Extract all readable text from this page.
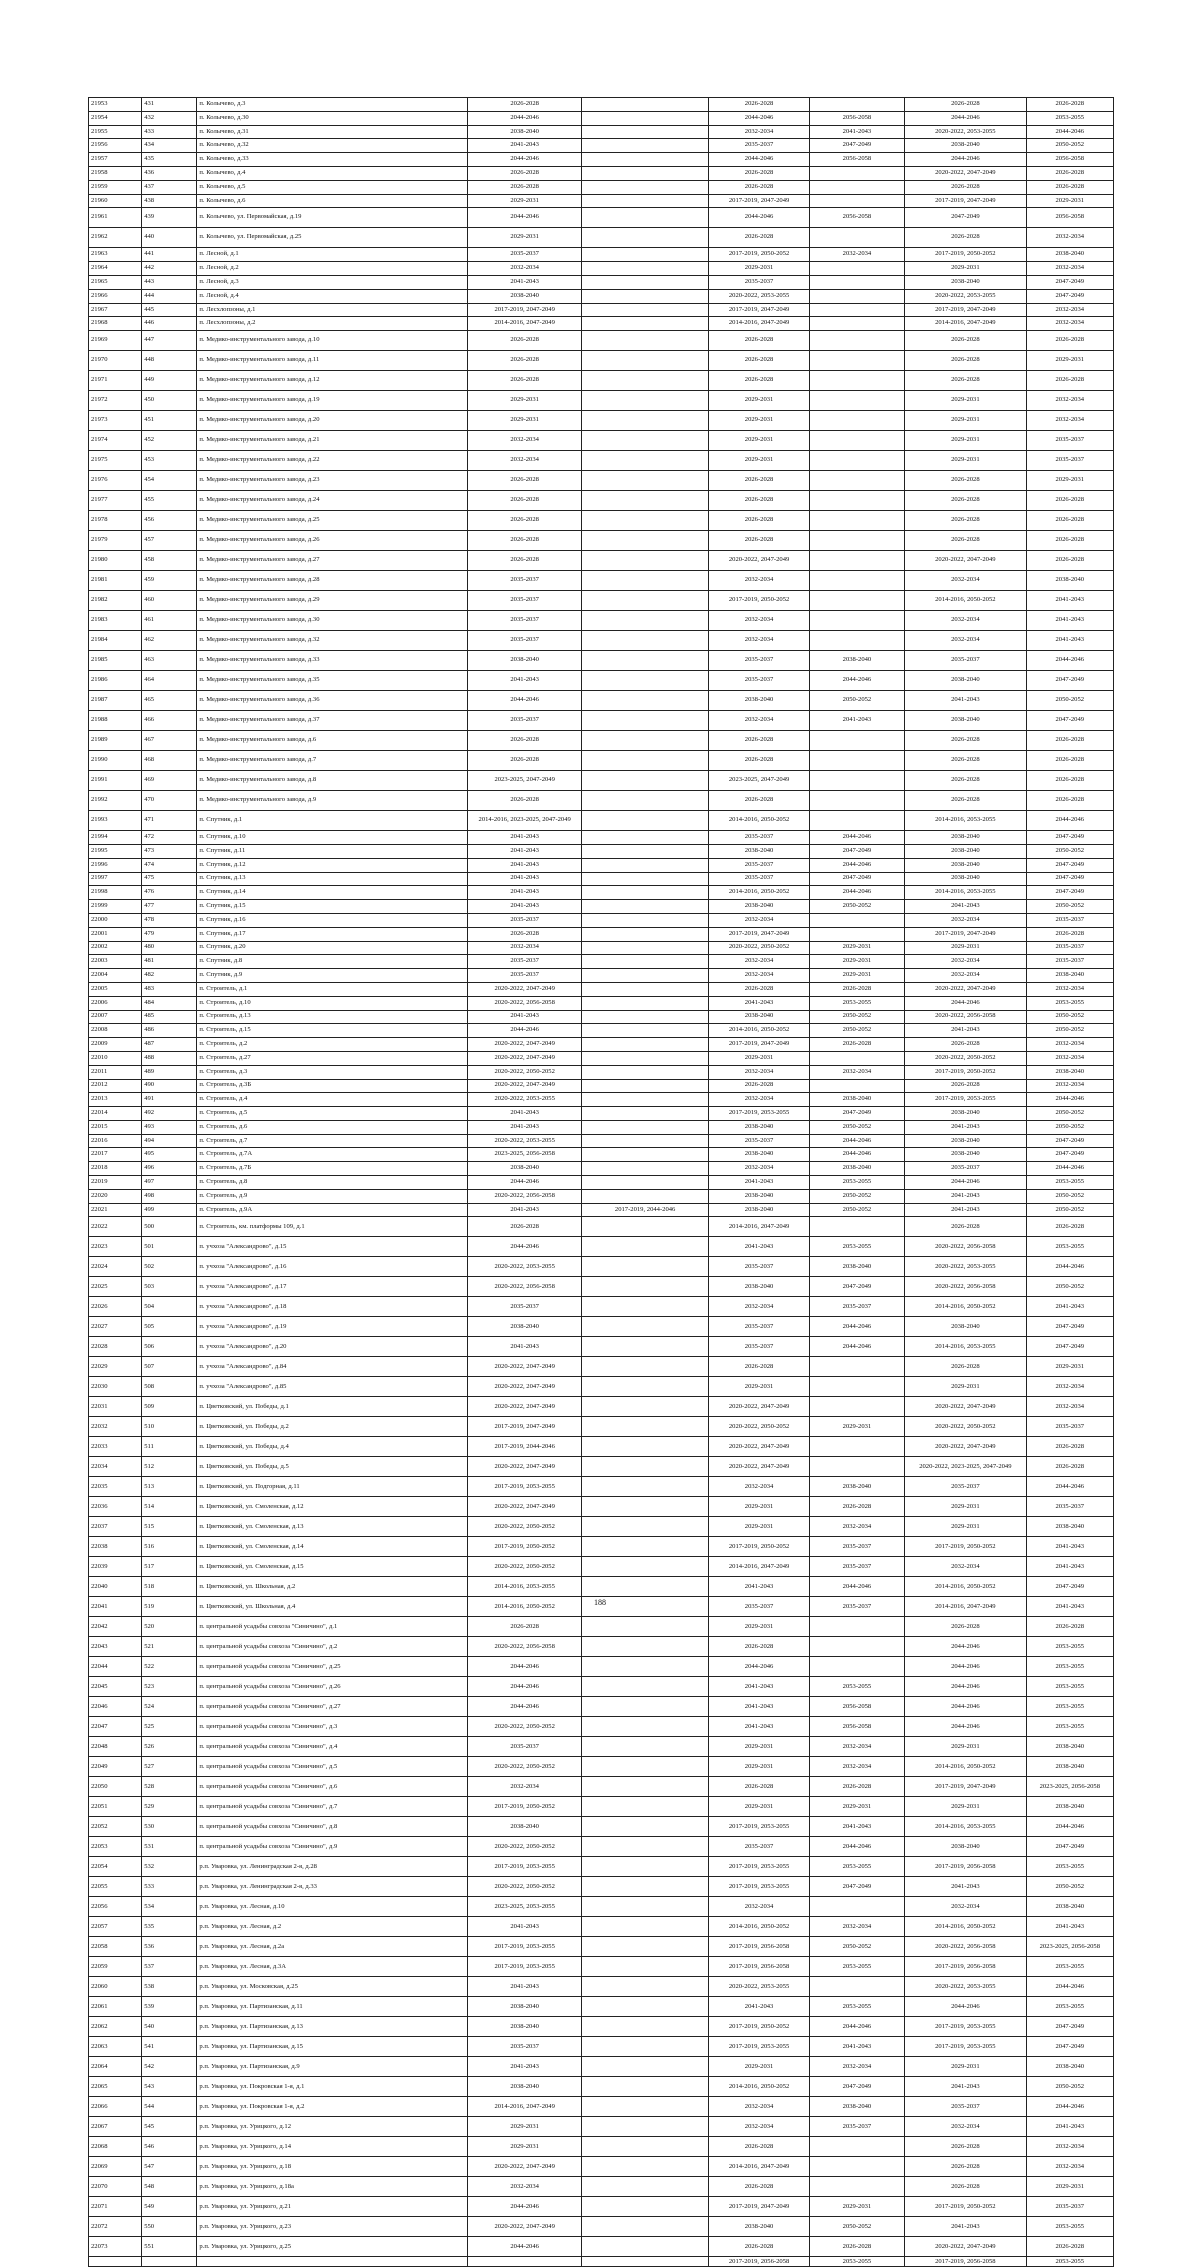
21953	431	п. Колычево, д.3	2026-2028		2026-2028		2026-2028	2026-2028
21954	432	п. Колычево, д.30	2044-2046		2044-2046	2056-2058	2044-2046	2053-2055
21955	433	п. Колычево, д.31	2038-2040		2032-2034	2041-2043	2020-2022, 2053-2055	2044-2046
21956	434	п. Колычево, д.32	2041-2043		2035-2037	2047-2049	2038-2040	2050-2052
21957	435	п. Колычево, д.33	2044-2046		2044-2046	2056-2058	2044-2046	2056-2058
21958	436	п. Колычево, д.4	2026-2028		2026-2028		2020-2022, 2047-2049	2026-2028
21959	437	п. Колычево, д.5	2026-2028		2026-2028		2026-2028	2026-2028
21960	438	п. Колычево, д.6	2029-2031		2017-2019, 2047-2049		2017-2019, 2047-2049	2029-2031
21961	439	п. Колычево, ул. Первомайская, д.19	2044-2046		2044-2046	2056-2058	2047-2049	2056-2058
21962	440	п. Колычево, ул. Первомайская, д.25	2029-2031		2026-2028		2026-2028	2032-2034
21963	441	п. Лесной, д.1	2035-2037		2017-2019, 2050-2052	2032-2034	2017-2019, 2050-2052	2038-2040
21964	442	п. Лесной, д.2	2032-2034		2029-2031		2029-2031	2032-2034
21965	443	п. Лесной, д.3	2041-2043		2035-2037		2038-2040	2047-2049
21966	444	п. Лесной, д.4	2038-2040		2020-2022, 2053-2055		2020-2022, 2053-2055	2047-2049
21967	445	п. Лесхлопзоны, д.1	2017-2019, 2047-2049		2017-2019, 2047-2049		2017-2019, 2047-2049	2032-2034
21968	446	п. Лесхлопзоны, д.2	2014-2016, 2047-2049		2014-2016, 2047-2049		2014-2016, 2047-2049	2032-2034
21969	447	п. Медико-инструментального завода, д.10	2026-2028		2026-2028		2026-2028	2026-2028
21970	448	п. Медико-инструментального завода, д.11	2026-2028		2026-2028		2026-2028	2029-2031
21971	449	п. Медико-инструментального завода, д.12	2026-2028		2026-2028		2026-2028	2026-2028
21972	450	п. Медико-инструментального завода, д.19	2029-2031		2029-2031		2029-2031	2032-2034
21973	451	п. Медико-инструментального завода, д.20	2029-2031		2029-2031		2029-2031	2032-2034
21974	452	п. Медико-инструментального завода, д.21	2032-2034		2029-2031		2029-2031	2035-2037
21975	453	п. Медико-инструментального завода, д.22	2032-2034		2029-2031		2029-2031	2035-2037
21976	454	п. Медико-инструментального завода, д.23	2026-2028		2026-2028		2026-2028	2029-2031
21977	455	п. Медико-инструментального завода, д.24	2026-2028		2026-2028		2026-2028	2026-2028
21978	456	п. Медико-инструментального завода, д.25	2026-2028		2026-2028		2026-2028	2026-2028
21979	457	п. Медико-инструментального завода, д.26	2026-2028		2026-2028		2026-2028	2026-2028
21980	458	п. Медико-инструментального завода, д.27	2026-2028		2020-2022, 2047-2049		2020-2022, 2047-2049	2026-2028
21981	459	п. Медико-инструментального завода, д.28	2035-2037		2032-2034		2032-2034	2038-2040
21982	460	п. Медико-инструментального завода, д.29	2035-2037		2017-2019, 2050-2052		2014-2016, 2050-2052	2041-2043
21983	461	п. Медико-инструментального завода, д.30	2035-2037		2032-2034		2032-2034	2041-2043
21984	462	п. Медико-инструментального завода, д.32	2035-2037		2032-2034		2032-2034	2041-2043
21985	463	п. Медико-инструментального завода, д.33	2038-2040		2035-2037	2038-2040	2035-2037	2044-2046
21986	464	п. Медико-инструментального завода, д.35	2041-2043		2035-2037	2044-2046	2038-2040	2047-2049
21987	465	п. Медико-инструментального завода, д.36	2044-2046		2038-2040	2050-2052	2041-2043	2050-2052
21988	466	п. Медико-инструментального завода, д.37	2035-2037		2032-2034	2041-2043	2038-2040	2047-2049
21989	467	п. Медико-инструментального завода, д.6	2026-2028		2026-2028		2026-2028	2026-2028
21990	468	п. Медико-инструментального завода, д.7	2026-2028		2026-2028		2026-2028	2026-2028
21991	469	п. Медико-инструментального завода, д.8	2023-2025, 2047-2049		2023-2025, 2047-2049		2026-2028	2026-2028
21992	470	п. Медико-инструментального завода, д.9	2026-2028		2026-2028		2026-2028	2026-2028
21993	471	п. Спутник, д.1	2014-2016, 2023-2025, 2047-2049		2014-2016, 2050-2052		2014-2016, 2053-2055	2044-2046
21994	472	п. Спутник, д.10	2041-2043		2035-2037	2044-2046	2038-2040	2047-2049
21995	473	п. Спутник, д.11	2041-2043		2038-2040	2047-2049	2038-2040	2050-2052
21996	474	п. Спутник, д.12	2041-2043		2035-2037	2044-2046	2038-2040	2047-2049
21997	475	п. Спутник, д.13	2041-2043		2035-2037	2047-2049	2038-2040	2047-2049
21998	476	п. Спутник, д.14	2041-2043		2014-2016, 2050-2052	2044-2046	2014-2016, 2053-2055	2047-2049
21999	477	п. Спутник, д.15	2041-2043		2038-2040	2050-2052	2041-2043	2050-2052
22000	478	п. Спутник, д.16	2035-2037		2032-2034		2032-2034	2035-2037
22001	479	п. Спутник, д.17	2026-2028		2017-2019, 2047-2049		2017-2019, 2047-2049	2026-2028
22002	480	п. Спутник, д.20	2032-2034		2020-2022, 2050-2052	2029-2031	2029-2031	2035-2037
22003	481	п. Спутник, д.8	2035-2037		2032-2034	2029-2031	2032-2034	2035-2037
22004	482	п. Спутник, д.9	2035-2037		2032-2034	2029-2031	2032-2034	2038-2040
22005	483	п. Строитель, д.1	2020-2022, 2047-2049		2026-2028	2026-2028	2020-2022, 2047-2049	2032-2034
22006	484	п. Строитель, д.10	2020-2022, 2056-2058		2041-2043	2053-2055	2044-2046	2053-2055
22007	485	п. Строитель, д.13	2041-2043		2038-2040	2050-2052	2020-2022, 2056-2058	2050-2052
22008	486	п. Строитель, д.15	2044-2046		2014-2016, 2050-2052	2050-2052	2041-2043	2050-2052
22009	487	п. Строитель, д.2	2020-2022, 2047-2049		2017-2019, 2047-2049	2026-2028	2026-2028	2032-2034
22010	488	п. Строитель, д.27	2020-2022, 2047-2049		2029-2031		2020-2022, 2050-2052	2032-2034
22011	489	п. Строитель, д.3	2020-2022, 2050-2052		2032-2034	2032-2034	2017-2019, 2050-2052	2038-2040
22012	490	п. Строитель, д.3Б	2020-2022, 2047-2049		2026-2028		2026-2028	2032-2034
22013	491	п. Строитель, д.4	2020-2022, 2053-2055		2032-2034	2038-2040	2017-2019, 2053-2055	2044-2046
22014	492	п. Строитель, д.5	2041-2043		2017-2019, 2053-2055	2047-2049	2038-2040	2050-2052
22015	493	п. Строитель, д.6	2041-2043		2038-2040	2050-2052	2041-2043	2050-2052
22016	494	п. Строитель, д.7	2020-2022, 2053-2055		2035-2037	2044-2046	2038-2040	2047-2049
22017	495	п. Строитель, д.7А	2023-2025, 2056-2058		2038-2040	2044-2046	2038-2040	2047-2049
22018	496	п. Строитель, д.7Б	2038-2040		2032-2034	2038-2040	2035-2037	2044-2046
22019	497	п. Строитель, д.8	2044-2046		2041-2043	2053-2055	2044-2046	2053-2055
22020	498	п. Строитель, д.9	2020-2022, 2056-2058		2038-2040	2050-2052	2041-2043	2050-2052
22021	499	п. Строитель, д.9А	2041-2043	2017-2019, 2044-2046	2038-2040	2050-2052	2041-2043	2050-2052
22022	500	п. Строитель, км. платформы 109, д.1	2026-2028		2014-2016, 2047-2049		2026-2028	2026-2028
22023	501	п. учхоза "Александрово", д.15	2044-2046		2041-2043	2053-2055	2020-2022, 2056-2058	2053-2055
22024	502	п. учхоза "Александрово", д.16	2020-2022, 2053-2055		2035-2037	2038-2040	2020-2022, 2053-2055	2044-2046
22025	503	п. учхоза "Александрово", д.17	2020-2022, 2056-2058		2038-2040	2047-2049	2020-2022, 2056-2058	2050-2052
22026	504	п. учхоза "Александрово", д.18	2035-2037		2032-2034	2035-2037	2014-2016, 2050-2052	2041-2043
22027	505	п. учхоза "Александрово", д.19	2038-2040		2035-2037	2044-2046	2038-2040	2047-2049
22028	506	п. учхоза "Александрово", д.20	2041-2043		2035-2037	2044-2046	2014-2016, 2053-2055	2047-2049
22029	507	п. учхоза "Александрово", д.84	2020-2022, 2047-2049		2026-2028		2026-2028	2029-2031
22030	508	п. учхоза "Александрово", д.85	2020-2022, 2047-2049		2029-2031		2029-2031	2032-2034
22031	509	п. Цветковский, ул. Победы, д.1	2020-2022, 2047-2049		2020-2022, 2047-2049		2020-2022, 2047-2049	2032-2034
22032	510	п. Цветковский, ул. Победы, д.2	2017-2019, 2047-2049		2020-2022, 2050-2052	2029-2031	2020-2022, 2050-2052	2035-2037
22033	511	п. Цветковский, ул. Победы, д.4	2017-2019, 2044-2046		2020-2022, 2047-2049		2020-2022, 2047-2049	2026-2028
22034	512	п. Цветковский, ул. Победы, д.5	2020-2022, 2047-2049		2020-2022, 2047-2049		2020-2022, 2023-2025, 2047-2049	2026-2028
22035	513	п. Цветковский, ул. Подгорная, д.11	2017-2019, 2053-2055		2032-2034	2038-2040	2035-2037	2044-2046
22036	514	п. Цветковский, ул. Смоленская, д.12	2020-2022, 2047-2049		2029-2031	2026-2028	2029-2031	2035-2037
22037	515	п. Цветковский, ул. Смоленская, д.13	2020-2022, 2050-2052		2029-2031	2032-2034	2029-2031	2038-2040
22038	516	п. Цветковский, ул. Смоленская, д.14	2017-2019, 2050-2052		2017-2019, 2050-2052	2035-2037	2017-2019, 2050-2052	2041-2043
22039	517	п. Цветковский, ул. Смоленская, д.15	2020-2022, 2050-2052		2014-2016, 2047-2049	2035-2037	2032-2034	2041-2043
22040	518	п. Цветковский, ул. Школьная, д.2	2014-2016, 2053-2055		2041-2043	2044-2046	2014-2016, 2050-2052	2047-2049
22041	519	п. Цветковский, ул. Школьная, д.4	2014-2016, 2050-2052		2035-2037	2035-2037	2014-2016, 2047-2049	2041-2043
22042	520	п. центральной усадьбы совхоза "Синичино", д.1	2026-2028		2029-2031		2026-2028	2026-2028
22043	521	п. центральной усадьбы совхоза "Синичино", д.2	2020-2022, 2056-2058		2026-2028		2044-2046	2053-2055
22044	522	п. центральной усадьбы совхоза "Синичино", д.25	2044-2046		2044-2046		2044-2046	2053-2055
22045	523	п. центральной усадьбы совхоза "Синичино", д.26	2044-2046		2041-2043	2053-2055	2044-2046	2053-2055
22046	524	п. центральной усадьбы совхоза "Синичино", д.27	2044-2046		2041-2043	2056-2058	2044-2046	2053-2055
22047	525	п. центральной усадьбы совхоза "Синичино", д.3	2020-2022, 2050-2052		2041-2043	2056-2058	2044-2046	2053-2055
22048	526	п. центральной усадьбы совхоза "Синичино", д.4	2035-2037		2029-2031	2032-2034	2029-2031	2038-2040
22049	527	п. центральной усадьбы совхоза "Синичино", д.5	2020-2022, 2050-2052		2029-2031	2032-2034	2014-2016, 2050-2052	2038-2040
22050	528	п. центральной усадьбы совхоза "Синичино", д.6	2032-2034		2026-2028	2026-2028	2017-2019, 2047-2049	2023-2025, 2056-2058
22051	529	п. центральной усадьбы совхоза "Синичино", д.7	2017-2019, 2050-2052		2029-2031	2029-2031	2029-2031	2038-2040
22052	530	п. центральной усадьбы совхоза "Синичино", д.8	2038-2040		2017-2019, 2053-2055	2041-2043	2014-2016, 2053-2055	2044-2046
22053	531	п. центральной усадьбы совхоза "Синичино", д.9	2020-2022, 2050-2052		2035-2037	2044-2046	2038-2040	2047-2049
22054	532	р.п. Уваровка, ул. Ленинградская 2-я, д.28	2017-2019, 2053-2055		2017-2019, 2053-2055	2053-2055	2017-2019, 2056-2058	2053-2055
22055	533	р.п. Уваровка, ул. Ленинградская 2-я, д.33	2020-2022, 2050-2052		2017-2019, 2053-2055	2047-2049	2041-2043	2050-2052
22056	534	р.п. Уваровка, ул. Лесная, д.10	2023-2025, 2053-2055		2032-2034		2032-2034	2038-2040
22057	535	р.п. Уваровка, ул. Лесная, д.2	2041-2043		2014-2016, 2050-2052	2032-2034	2014-2016, 2050-2052	2041-2043
22058	536	р.п. Уваровка, ул. Лесная, д.2а	2017-2019, 2053-2055		2017-2019, 2056-2058	2050-2052	2020-2022, 2056-2058	2023-2025, 2056-2058
22059	537	р.п. Уваровка, ул. Лесная, д.3А	2017-2019, 2053-2055		2017-2019, 2056-2058	2053-2055	2017-2019, 2056-2058	2053-2055
22060	538	р.п. Уваровка, ул. Московская, д.25	2041-2043		2020-2022, 2053-2055		2020-2022, 2053-2055	2044-2046
22061	539	р.п. Уваровка, ул. Партизанская, д.11	2038-2040		2041-2043	2053-2055	2044-2046	2053-2055
22062	540	р.п. Уваровка, ул. Партизанская, д.13	2038-2040		2017-2019, 2050-2052	2044-2046	2017-2019, 2053-2055	2047-2049
22063	541	р.п. Уваровка, ул. Партизанская, д.15	2035-2037		2017-2019, 2053-2055	2041-2043	2017-2019, 2053-2055	2047-2049
22064	542	р.п. Уваровка, ул. Партизанская, д.9	2041-2043		2029-2031	2032-2034	2029-2031	2038-2040
22065	543	р.п. Уваровка, ул. Покровская 1-я, д.1	2038-2040		2014-2016, 2050-2052	2047-2049	2041-2043	2050-2052
22066	544	р.п. Уваровка, ул. Покровская 1-я, д.2	2014-2016, 2047-2049		2032-2034	2038-2040	2035-2037	2044-2046
22067	545	р.п. Уваровка, ул. Урицкого, д.12	2029-2031		2032-2034	2035-2037	2032-2034	2041-2043
22068	546	р.п. Уваровка, ул. Урицкого, д.14	2029-2031		2026-2028		2026-2028	2032-2034
22069	547	р.п. Уваровка, ул. Урицкого, д.18	2020-2022, 2047-2049		2014-2016, 2047-2049		2026-2028	2032-2034
22070	548	р.п. Уваровка, ул. Урицкого, д.18а	2032-2034		2026-2028		2026-2028	2029-2031
22071	549	р.п. Уваровка, ул. Урицкого, д.21	2044-2046		2017-2019, 2047-2049	2029-2031	2017-2019, 2050-2052	2035-2037
22072	550	р.п. Уваровка, ул. Урицкого, д.23	2020-2022, 2047-2049		2038-2040	2050-2052	2041-2043	2053-2055
22073	551	р.п. Уваровка, ул. Урицкого, д.25	2044-2046		2026-2028	2026-2028	2020-2022, 2047-2049	2026-2028
					2017-2019, 2056-2058	2053-2055	2017-2019, 2056-2058	2053-2055
188
